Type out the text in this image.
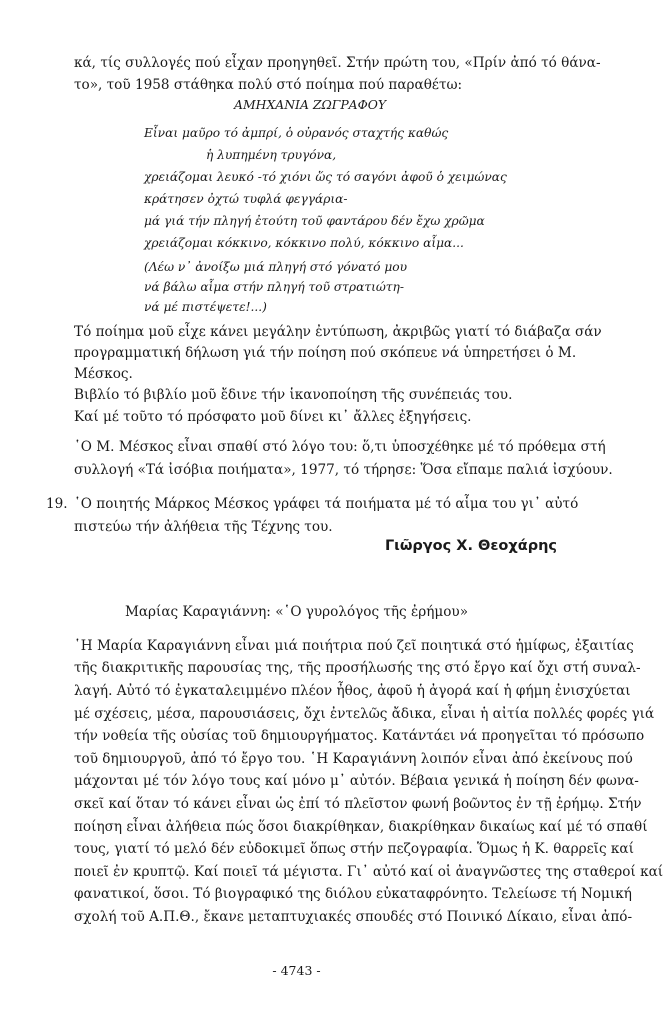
κά, τίς συλλογές πού εἶχαν προηγηθεῖ. Στήν πρώτη του, «Πρίν ἀπό τό θάνα-
το», τοῦ 1958 στάθηκα πολύ στό ποίημα πού παραθέτω:
ΑΜΗΧΑΝΙΑ ΖΩΓΡΑΦΟΥ
Εἶναι μαῦρο τό ἀμπρί, ὁ οὐρανός σταχτής καθώς
ἡ λυπημένη τρυγόνα,
χρειάζομαι λευκό -τό χιόνι ὥς τό σαγόνι ἀφοῦ ὁ χειμώνας
κράτησεν ὀχτώ τυφλά φεγγάρια-
μά γιά τήν πληγή ἐτούτη τοῦ φαντάρου δέν ἔχω χρῶμα
χρειάζομαι κόκκινο, κόκκινο πολύ, κόκκινο αἷμα...
(Λέω ν᾿ ἀνοίξω μιά πληγή στό γόνατό μου
νά βάλω αἷμα στήν πληγή τοῦ στρατιώτη-
νά μέ πιστέψετε!...)
Τό ποίημα μοῦ εἶχε κάνει μεγάλην ἐντύπωση, ἀκριβῶς γιατί τό διάβαζα σάν
προγραμματική δήλωση γιά τήν ποίηση πού σκόπευε νά ὑπηρετήσει ὁ Μ.
Μέσκος.
Βιβλίο τό βιβλίο μοῦ ἔδινε τήν ἱκανοποίηση τῆς συνέπειάς του.
Καί μέ τοῦτο τό πρόσφατο μοῦ δίνει κι᾿ ἄλλες ἐξηγήσεις.
῾Ο Μ. Μέσκος εἶναι σπαθί στό λόγο του: ὅ,τι ὑποσχέθηκε μέ τό πρόθεμα στή
συλλογή «Τά ἰσόβια ποιήματα», 1977, τό τήρησε: Ὅσα εἴπαμε παλιά ἰσχύουν.
19. ῾Ο ποιητής Μάρκος Μέσκος γράφει τά ποιήματα μέ τό αἷμα του γι᾿ αὐτό
πιστεύω τήν ἀλήθεια τῆς Τέχνης του.
Γιῶργος Χ. Θεοχάρης
Μαρίας Καραγιάννη: «῾Ο γυρολόγος τῆς ἐρήμου»
῾Η Μαρία Καραγιάννη εἶναι μιά ποιήτρια πού ζεῖ ποιητικά στό ἡμίφως, ἐξαιτίας
τῆς διακριτικῆς παρουσίας της, τῆς προσήλωσής της στό ἔργο καί ὄχι στή συναλ-
λαγή. Αὐτό τό ἐγκαταλειμμένο πλέον ἦθος, ἀφοῦ ἡ ἀγορά καί ἡ φήμη ἐνισχύεται
μέ σχέσεις, μέσα, παρουσιάσεις, ὄχι ἐντελῶς ἄδικα, εἶναι ἡ αἰτία πολλές φορές γιά
τήν νοθεία τῆς οὐσίας τοῦ δημιουργήματος. Κατάντάει νά προηγεῖται τό πρόσωπο
τοῦ δημιουργοῦ, ἀπό τό ἔργο του. ῾Η Καραγιάννη λοιπόν εἶναι ἀπό ἐκείνους πού
μάχονται μέ τόν λόγο τους καί μόνο μ᾿ αὐτόν. Βέβαια γενικά ἡ ποίηση δέν φωνα-
σκεῖ καί ὅταν τό κάνει εἶναι ὡς ἐπί τό πλεῖστον φωνή βοῶντος ἐν τῇ ἐρήμῳ. Στήν
ποίηση εἶναι ἀλήθεια πώς ὅσοι διακρίθηκαν, διακρίθηκαν δικαίως καί μέ τό σπαθί
τους, γιατί τό μελό δέν εὐδοκιμεῖ ὅπως στήν πεζογραφία. Ὅμως ἡ Κ. θαρρεῖς καί
ποιεῖ ἐν κρυπτῷ. Καί ποιεῖ τά μέγιστα. Γι᾿ αὐτό καί οἱ ἀναγνῶστες της σταθεροί καί
φανατικοί, ὅσοι. Τό βιογραφικό της διόλου εὐκαταφρόνητο. Τελείωσε τή Νομική
σχολή τοῦ Α.Π.Θ., ἔκανε μεταπτυχιακές σπουδές στό Ποινικό Δίκαιο, εἶναι ἀπό-
- 4743 -
